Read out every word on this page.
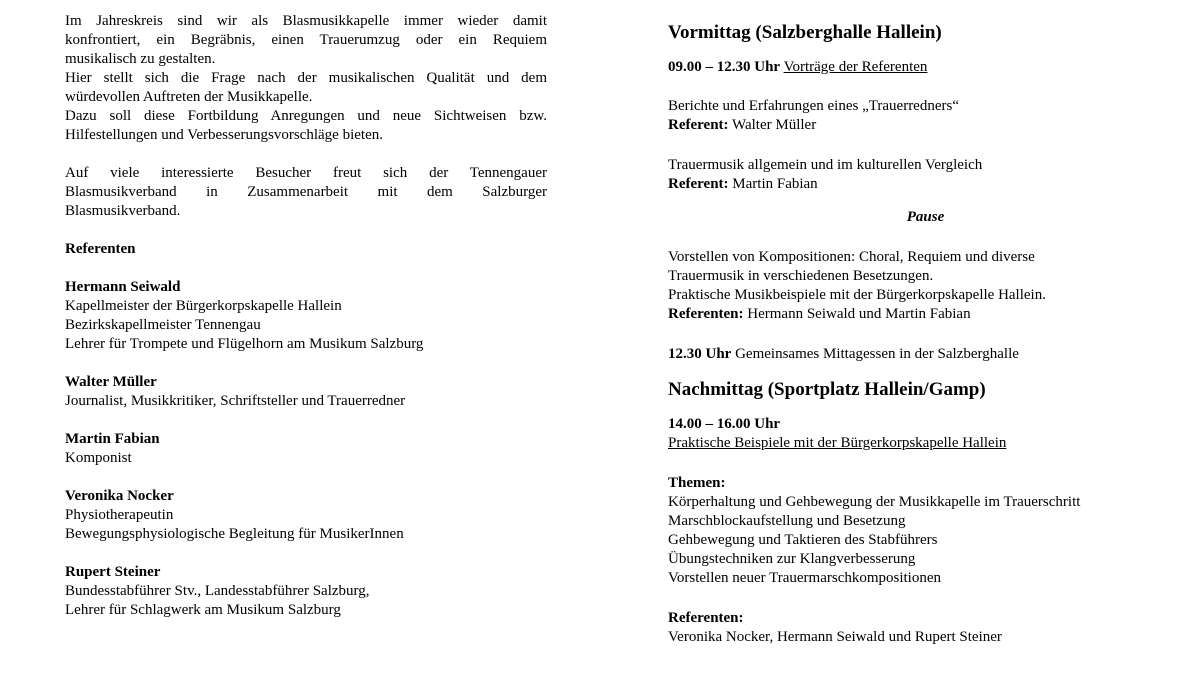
Im Jahreskreis sind wir als Blasmusikkapelle immer wieder damit
konfrontiert, ein Begräbnis, einen Trauerumzug oder ein Requiem
musikalisch zu gestalten.
Hier stellt sich die Frage nach der musikalischen Qualität und dem
würdevollen Auftreten der Musikkapelle.
Dazu soll diese Fortbildung Anregungen und neue Sichtweisen bzw.
Hilfestellungen und Verbesserungsvorschläge bieten.
Auf viele interessierte Besucher freut sich der Tennengauer
Blasmusikverband in Zusammenarbeit mit dem Salzburger
Blasmusikverband.
Referenten
Hermann Seiwald
Kapellmeister der Bürgerkorpskapelle Hallein
Bezirkskapellmeister Tennengau
Lehrer für Trompete und Flügelhorn am Musikum Salzburg
Walter Müller
Journalist, Musikkritiker, Schriftsteller und Trauerredner
Martin Fabian
Komponist
Veronika Nocker
Physiotherapeutin
Bewegungsphysiologische Begleitung für MusikerInnen
Rupert Steiner
Bundesstabführer Stv., Landesstabführer Salzburg,
Lehrer für Schlagwerk am Musikum Salzburg
Vormittag (Salzberghalle Hallein)
09.00 – 12.30 Uhr Vorträge der Referenten
Berichte und Erfahrungen eines „Trauerredners“
Referent: Walter Müller
Trauermusik allgemein und im kulturellen Vergleich
Referent: Martin Fabian
Pause
Vorstellen von Kompositionen: Choral, Requiem und diverse
Trauermusik in verschiedenen Besetzungen.
Praktische Musikbeispiele mit der Bürgerkorpskapelle Hallein.
Referenten: Hermann Seiwald und Martin Fabian
12.30 Uhr Gemeinsames Mittagessen in der Salzberghalle
Nachmittag (Sportplatz Hallein/Gamp)
14.00 – 16.00 Uhr
Praktische Beispiele mit der Bürgerkorpskapelle Hallein
Themen:
Körperhaltung und Gehbewegung der Musikkapelle im Trauerschritt
Marschblockaufstellung und Besetzung
Gehbewegung und Taktieren des Stabführers
Übungstechniken zur Klangverbesserung
Vorstellen neuer Trauermarschkompositionen
Referenten:
Veronika Nocker, Hermann Seiwald und Rupert Steiner
